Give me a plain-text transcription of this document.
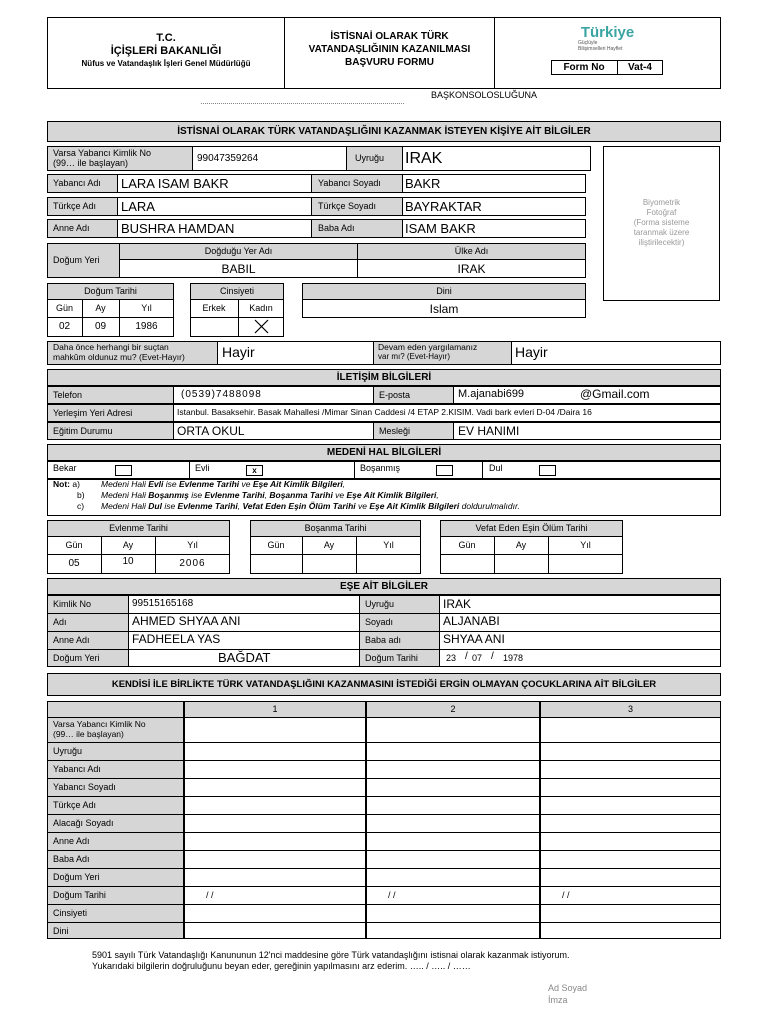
T.C.
İÇİŞLERİ BAKANLIĞI
Nüfus ve Vatandaşlık İşleri Genel Müdürlüğü
İSTİSNAİ OLARAK TÜRK
VATANDAŞLIĞININ KAZANILMASI
BAŞVURU FORMU
Türkiye
Güçlüyle
Bilişimselleri Hayflet
Form No	Vat-4
BAŞKONSOLOSLUĞUNA
…………………………………………………………………………………………
İSTİSNAİ OLARAK TÜRK VATANDAŞLIĞINI KAZANMAK İSTEYEN KİŞİYE AİT BİLGİLER
Varsa Yabancı Kimlik No
(99… ile başlayan)	99047359264	Uyruğu IRAK
Yabancı Adı LARA ISAM BAKR	Yabancı Soyadı BAKR
Türkçe Adı LARA	Türkçe Soyadı BAYRAKTAR
Anne Adı BUSHRA HAMDAN	Baba Adı	ISAM BAKR
Biyometrik
Fotoğraf
(Forma sisteme
taranmak üzere
iliştirilecektir)
Doğum Yeri
Doğduğu Yer Adı	Ülke Adı
BABIL	IRAK
Doğum Tarihi
Gün	Ay	Yıl
02	09	1986
Cinsiyeti
Erkek	Kadın
Dini
Islam
Daha önce herhangi bir suçtan
mahkûm oldunuz mu? (Evet-Hayır)	Hayir	Devam eden yargılamanız
var mı? (Evet-Hayır)	Hayir
İLETİŞİM BİLGİLERİ
Telefon	(0539)7488098	E-posta	M.ajanabi699	@Gmail.com
Yerleşim Yeri Adresi	Istanbul. Basaksehir. Basak Mahallesi /Mimar Sinan Caddesi /4 ETAP 2.KISIM. Vadi bark evleri D-04 /Daira 16
Eğitim Durumu	ORTA OKUL	Mesleği	EV HANIMI
MEDENİ HAL BİLGİLERİ
Bekar	Evli	x	Boşanmış	Dul
Not: a)
b)
c)
Medeni Hali Evli ise Evlenme Tarihi ve Eşe Ait Kimlik Bilgileri,
Medeni Hali Boşanmış ise Evlenme Tarihi, Boşanma Tarihi ve Eşe Ait Kimlik Bilgileri,
Medeni Hali Dul ise Evlenme Tarihi, Vefat Eden Eşin Ölüm Tarihi ve Eşe Ait Kimlik Bilgileri doldurulmalıdır.
Evlenme Tarihi
Gün	Ay	Yıl
05	10	2006
Boşanma Tarihi
Gün	Ay	Yıl
Vefat Eden Eşin Ölüm Tarihi
Gün	Ay	Yıl
EŞE AİT BİLGİLER
Kimlik No	99515165168	Uyruğu	IRAK
Adı	AHMED SHYAA ANI	Soyadı	ALJANABI
Anne Adı	FADHEELA YAS	Baba adı	SHYAA ANI
Doğum Yeri	BAĞDAT	Doğum Tarihi	23 / 07 / 1978
KENDİSİ İLE BİRLİKTE TÜRK VATANDAŞLIĞINI KAZANMASINI İSTEDİĞİ ERGİN OLMAYAN ÇOCUKLARINA AİT BİLGİLER
1	2	3
Varsa Yabancı Kimlik No
(99… ile başlayan)
Uyruğu
Yabancı Adı
Yabancı Soyadı
Türkçe Adı
Alacağı Soyadı
Anne Adı
Baba Adı
Doğum Yeri
Doğum Tarihi	/ /	/ /	/ /
Cinsiyeti
Dini
5901 sayılı Türk Vatandaşlığı Kanununun 12'nci maddesine göre Türk vatandaşlığını istisnai olarak kazanmak istiyorum.
Yukarıdaki bilgilerin doğruluğunu beyan eder, gereğinin yapılmasını arz ederim. ….. / ….. / ……
Ad Soyad
İmza
